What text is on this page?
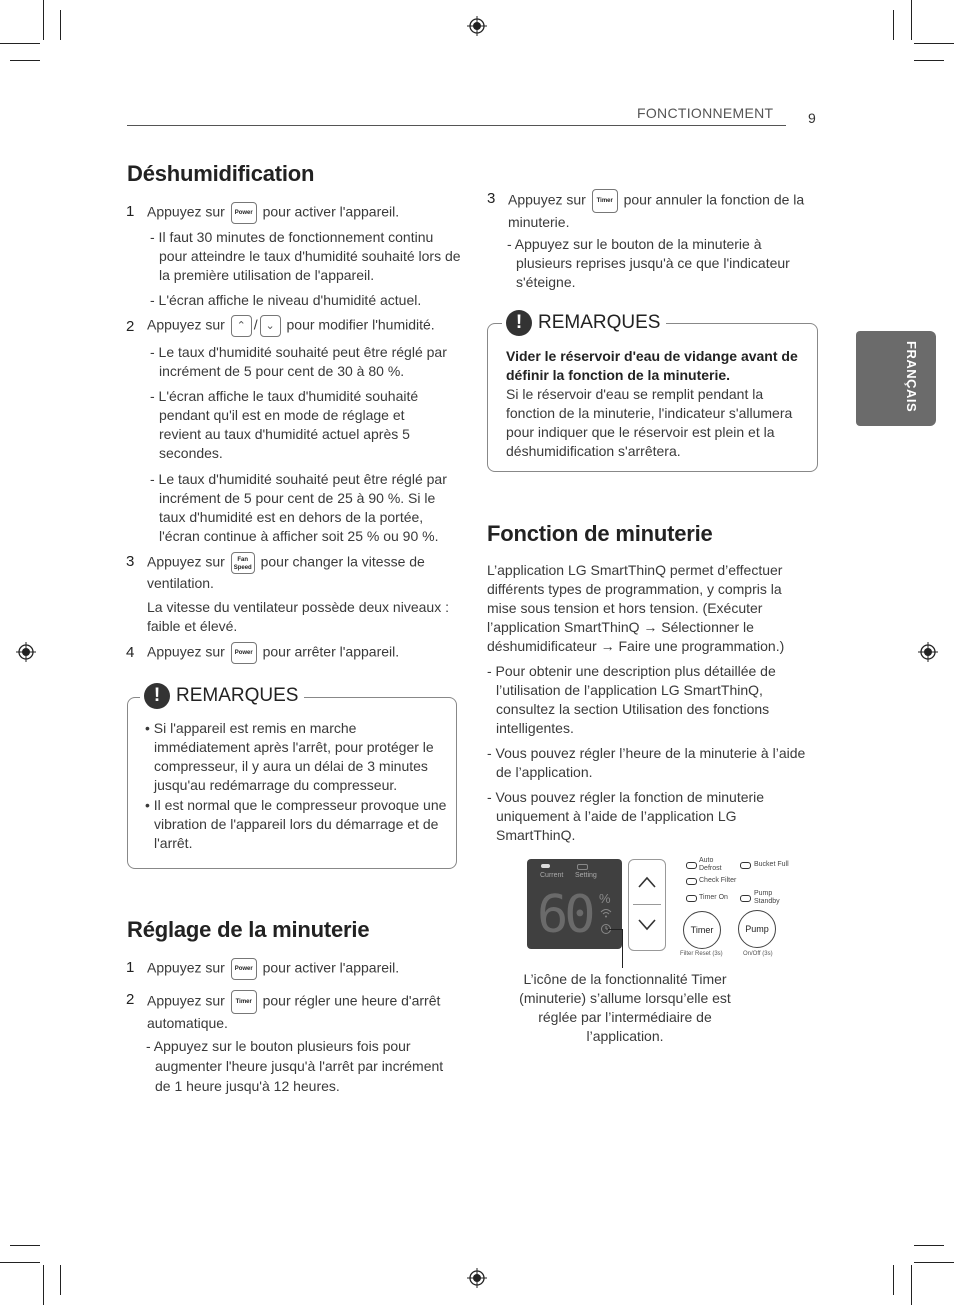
FONCTIONNEMENT 9
FRANÇAIS
Déshumidification
1 Appuyez sur Power pour activer l'appareil.
- Il faut 30 minutes de fonctionnement continu pour atteindre le taux d'humidité souhaité lors de la première utilisation de l'appareil.
- L'écran affiche le niveau d'humidité actuel.
2 Appuyez sur ⌃ / ⌄ pour modifier l'humidité.
- Le taux d'humidité souhaité peut être réglé par incrément de 5 pour cent de 30 à 80 %.
- L'écran affiche le taux d'humidité souhaité pendant qu'il est en mode de réglage et revient au taux d'humidité actuel après 5 secondes.
- Le taux d'humidité souhaité peut être réglé par incrément de 5 pour cent de 25 à 90 %. Si le taux d'humidité est en dehors de la portée, l'écran continue à afficher soit 25 % ou 90 %.
3 Appuyez sur Fan Speed pour changer la vitesse de ventilation.
La vitesse du ventilateur possède deux niveaux : faible et élevé.
4 Appuyez sur Power pour arrêter l'appareil.
! REMARQUES
• Si l'appareil est remis en marche immédiatement après l'arrêt, pour protéger le compresseur, il y aura un délai de 3 minutes jusqu'au redémarrage du compresseur.
• Il est normal que le compresseur provoque une vibration de l'appareil lors du démarrage et de l'arrêt.
Réglage de la minuterie
1 Appuyez sur Power pour activer l'appareil.
2 Appuyez sur Timer pour régler une heure d'arrêt automatique.
- Appuyez sur le bouton plusieurs fois pour augmenter l'heure jusqu'à l'arrêt par incrément de 1 heure jusqu'à 12 heures.
3 Appuyez sur Timer pour annuler la fonction de la minuterie.
- Appuyez sur le bouton de la minuterie à plusieurs reprises jusqu'à ce que l'indicateur s'éteigne.
! REMARQUES
Vider le réservoir d'eau de vidange avant de définir la fonction de la minuterie.
Si le réservoir d'eau se remplit pendant la fonction de la minuterie, l'indicateur s'allumera pour indiquer que le réservoir est plein et la déshumidification s'arrêtera.
Fonction de minuterie
L’application LG SmartThinQ permet d’effectuer différents types de programmation, y compris la mise sous tension et hors tension. (Exécuter l’application SmartThinQ → Sélectionner le déshumidificateur → Faire une programmation.)
- Pour obtenir une description plus détaillée de l’utilisation de l’application LG SmartThinQ, consultez la section Utilisation des fonctions intelligentes.
- Vous pouvez régler l’heure de la minuterie à l’aide de l’application.
- Vous pouvez régler la fonction de minuterie uniquement à l’aide de l’application LG SmartThinQ.
Current Setting
60 %
Auto Defrost
Bucket Full
Check Filter
Timer On
Pump Standby
Timer	Pump
Filter Reset (3s)	On/Off (3s)
L’icône de la fonctionnalité Timer (minuterie) s’allume lorsqu’elle est réglée par l’intermédiaire de l’application.
